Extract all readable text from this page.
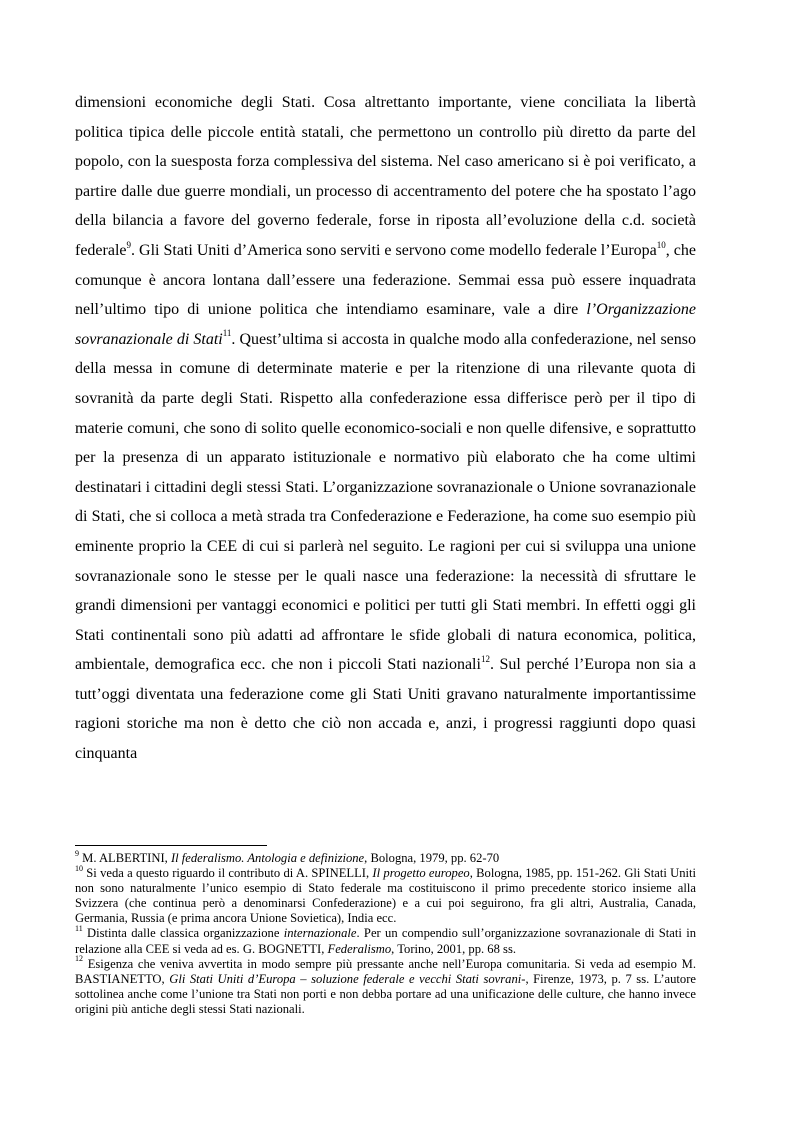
dimensioni economiche degli Stati. Cosa altrettanto importante, viene conciliata la libertà politica tipica delle piccole entità statali, che permettono un controllo più diretto da parte del popolo, con la suesposta forza complessiva del sistema. Nel caso americano si è poi verificato, a partire dalle due guerre mondiali, un processo di accentramento del potere che ha spostato l’ago della bilancia a favore del governo federale, forse in riposta all’evoluzione della c.d. società federale$^9$. Gli Stati Uniti d’America sono serviti e servono come modello federale l’Europa$^{10}$, che comunque è ancora lontana dall’essere una federazione. Semmai essa può essere inquadrata nell’ultimo tipo di unione politica che intendiamo esaminare, vale a dire l’Organizzazione sovranazionale di Stati$^{11}$. Quest’ultima si accosta in qualche modo alla confederazione, nel senso della messa in comune di determinate materie e per la ritenzione di una rilevante quota di sovranità da parte degli Stati. Rispetto alla confederazione essa differisce però per il tipo di materie comuni, che sono di solito quelle economico-sociali e non quelle difensive, e soprattutto per la presenza di un apparato istituzionale e normativo più elaborato che ha come ultimi destinatari i cittadini degli stessi Stati. L’organizzazione sovranazionale o Unione sovranazionale di Stati, che si colloca a metà strada tra Confederazione e Federazione, ha come suo esempio più eminente proprio la CEE di cui si parlerà nel seguito. Le ragioni per cui si sviluppa una unione sovranazionale sono le stesse per le quali nasce una federazione: la necessità di sfruttare le grandi dimensioni per vantaggi economici e politici per tutti gli Stati membri. In effetti oggi gli Stati continentali sono più adatti ad affrontare le sfide globali di natura economica, politica, ambientale, demografica ecc. che non i piccoli Stati nazionali$^{12}$. Sul perché l’Europa non sia a tutt’oggi diventata una federazione come gli Stati Uniti gravano naturalmente importantissime ragioni storiche ma non è detto che ciò non accada e, anzi, i progressi raggiunti dopo quasi cinquanta

$^9$ M. ALBERTINI, Il federalismo. Antologia e definizione, Bologna, 1979, pp. 62-70

$^{10}$ Si veda a questo riguardo il contributo di A. SPINELLI, Il progetto europeo, Bologna, 1985, pp. 151-262. Gli Stati Uniti non sono naturalmente l’unico esempio di Stato federale ma costituiscono il primo precedente storico insieme alla Svizzera (che continua però a denominarsi Confederazione) e a cui poi seguirono, fra gli altri, Australia, Canada, Germania, Russia (e prima ancora Unione Sovietica), India ecc.

$^{11}$ Distinta dalle classica organizzazione internazionale. Per un compendio sull’organizzazione sovranazionale di Stati in relazione alla CEE si veda ad es. G. BOGNETTI, Federalismo, Torino, 2001, pp. 68 ss.

$^{12}$ Esigenza che veniva avvertita in modo sempre più pressante anche nell’Europa comunitaria. Si veda ad esempio M. BASTIANETTO, Gli Stati Uniti d’Europa – soluzione federale e vecchi Stati sovrani-, Firenze, 1973, p. 7 ss. L’autore sottolinea anche come l’unione tra Stati non porti e non debba portare ad una unificazione delle culture, che hanno invece origini più antiche degli stessi Stati nazionali.
